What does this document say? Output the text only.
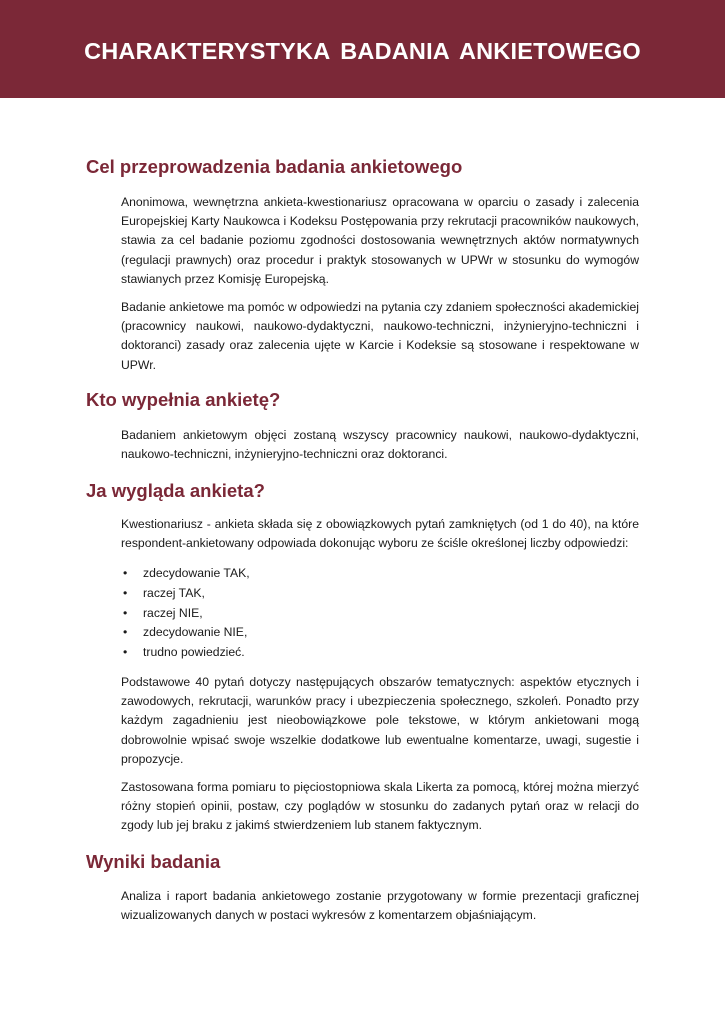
CHARAKTERYSTYKA BADANIA ANKIETOWEGO
Cel przeprowadzenia badania ankietowego

Anonimowa, wewnętrzna ankieta-kwestionariusz opracowana w oparciu o zasady i zalecenia Europejskiej Karty Naukowca i Kodeksu Postępowania przy rekrutacji pracowników naukowych, stawia za cel badanie poziomu zgodności dostosowania wewnętrznych aktów normatywnych (regulacji prawnych) oraz procedur i praktyk stosowanych w UPWr w stosunku do wymogów stawianych przez Komisję Europejską.

Badanie ankietowe ma pomóc w odpowiedzi na pytania czy zdaniem społeczności akademickiej (pracownicy naukowi, naukowo-dydaktyczni, naukowo-techniczni, inżynieryjno-techniczni i doktoranci) zasady oraz zalecenia ujęte w Karcie i Kodeksie są stosowane i respektowane w UPWr.

Kto wypełnia ankietę?

Badaniem ankietowym objęci zostaną wszyscy pracownicy naukowi, naukowo-dydaktyczni, naukowo-techniczni, inżynieryjno-techniczni oraz doktoranci.

Ja wygląda ankieta?

Kwestionariusz - ankieta składa się z obowiązkowych pytań zamkniętych (od 1 do 40), na które respondent-ankietowany odpowiada dokonując wyboru ze ściśle określonej liczby odpowiedzi:

• zdecydowanie TAK,
• raczej TAK,
• raczej NIE,
• zdecydowanie NIE,
• trudno powiedzieć.

Podstawowe 40 pytań dotyczy następujących obszarów tematycznych: aspektów etycznych i zawodowych, rekrutacji, warunków pracy i ubezpieczenia społecznego, szkoleń. Ponadto przy każdym zagadnieniu jest nieobowiązkowe pole tekstowe, w którym ankietowani mogą dobrowolnie wpisać swoje wszelkie dodatkowe lub ewentualne komentarze, uwagi, sugestie i propozycje.

Zastosowana forma pomiaru to pięciostopniowa skala Likerta za pomocą, której można mierzyć różny stopień opinii, postaw, czy poglądów w stosunku do zadanych pytań oraz w relacji do zgody lub jej braku z jakimś stwierdzeniem lub stanem faktycznym.

Wyniki badania

Analiza i raport badania ankietowego zostanie przygotowany w formie prezentacji graficznej wizualizowanych danych w postaci wykresów z komentarzem objaśniającym.
